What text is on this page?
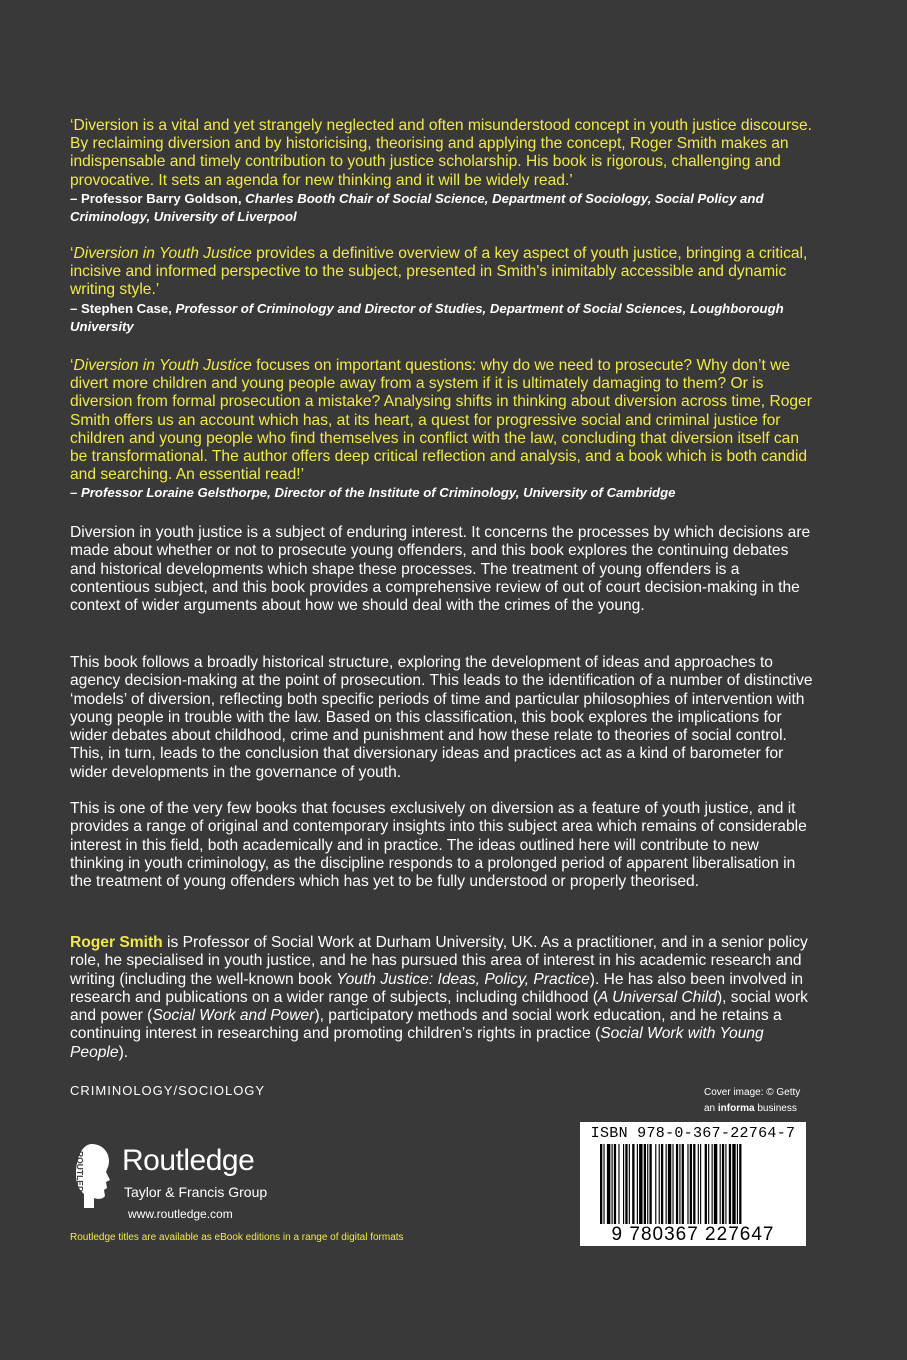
‘Diversion is a vital and yet strangely neglected and often misunderstood concept in youth justice discourse. By reclaiming diversion and by historicising, theorising and applying the concept, Roger Smith makes an indispensable and timely contribution to youth justice scholarship. His book is rigorous, challenging and provocative. It sets an agenda for new thinking and it will be widely read.’
– Professor Barry Goldson, Charles Booth Chair of Social Science, Department of Sociology, Social Policy and Criminology, University of Liverpool
‘Diversion in Youth Justice provides a definitive overview of a key aspect of youth justice, bringing a critical, incisive and informed perspective to the subject, presented in Smith's inimitably accessible and dynamic writing style.’
– Stephen Case, Professor of Criminology and Director of Studies, Department of Social Sciences, Loughborough University
‘Diversion in Youth Justice focuses on important questions: why do we need to prosecute? Why don’t we divert more children and young people away from a system if it is ultimately damaging to them? Or is diversion from formal prosecution a mistake? Analysing shifts in thinking about diversion across time, Roger Smith offers us an account which has, at its heart, a quest for progressive social and criminal justice for children and young people who find themselves in conflict with the law, concluding that diversion itself can be transformational. The author offers deep critical reflection and analysis, and a book which is both candid and searching. An essential read!’
– Professor Loraine Gelsthorpe, Director of the Institute of Criminology, University of Cambridge
Diversion in youth justice is a subject of enduring interest. It concerns the processes by which decisions are made about whether or not to prosecute young offenders, and this book explores the continuing debates and historical developments which shape these processes. The treatment of young offenders is a contentious subject, and this book provides a comprehensive review of out of court decision-making in the context of wider arguments about how we should deal with the crimes of the young.
This book follows a broadly historical structure, exploring the development of ideas and approaches to agency decision-making at the point of prosecution. This leads to the identification of a number of distinctive ‘models’ of diversion, reflecting both specific periods of time and particular philosophies of intervention with young people in trouble with the law. Based on this classification, this book explores the implications for wider debates about childhood, crime and punishment and how these relate to theories of social control. This, in turn, leads to the conclusion that diversionary ideas and practices act as a kind of barometer for wider developments in the governance of youth.
This is one of the very few books that focuses exclusively on diversion as a feature of youth justice, and it provides a range of original and contemporary insights into this subject area which remains of considerable interest in this field, both academically and in practice. The ideas outlined here will contribute to new thinking in youth criminology, as the discipline responds to a prolonged period of apparent liberalisation in the treatment of young offenders which has yet to be fully understood or properly theorised.
Roger Smith is Professor of Social Work at Durham University, UK. As a practitioner, and in a senior policy role, he specialised in youth justice, and he has pursued this area of interest in his academic research and writing (including the well-known book Youth Justice: Ideas, Policy, Practice). He has also been involved in research and publications on a wider range of subjects, including childhood (A Universal Child), social work and power (Social Work and Power), participatory methods and social work education, and he retains a continuing interest in researching and promoting children’s rights in practice (Social Work with Young People).
CRIMINOLOGY/SOCIOLOGY	Cover image: © Getty
an informa business
ROUTLEDGE Routledge
Taylor & Francis Group
www.routledge.com
Routledge titles are available as eBook editions in a range of digital formats
ISBN 978-0-367-22764-7
9 780367 227647
